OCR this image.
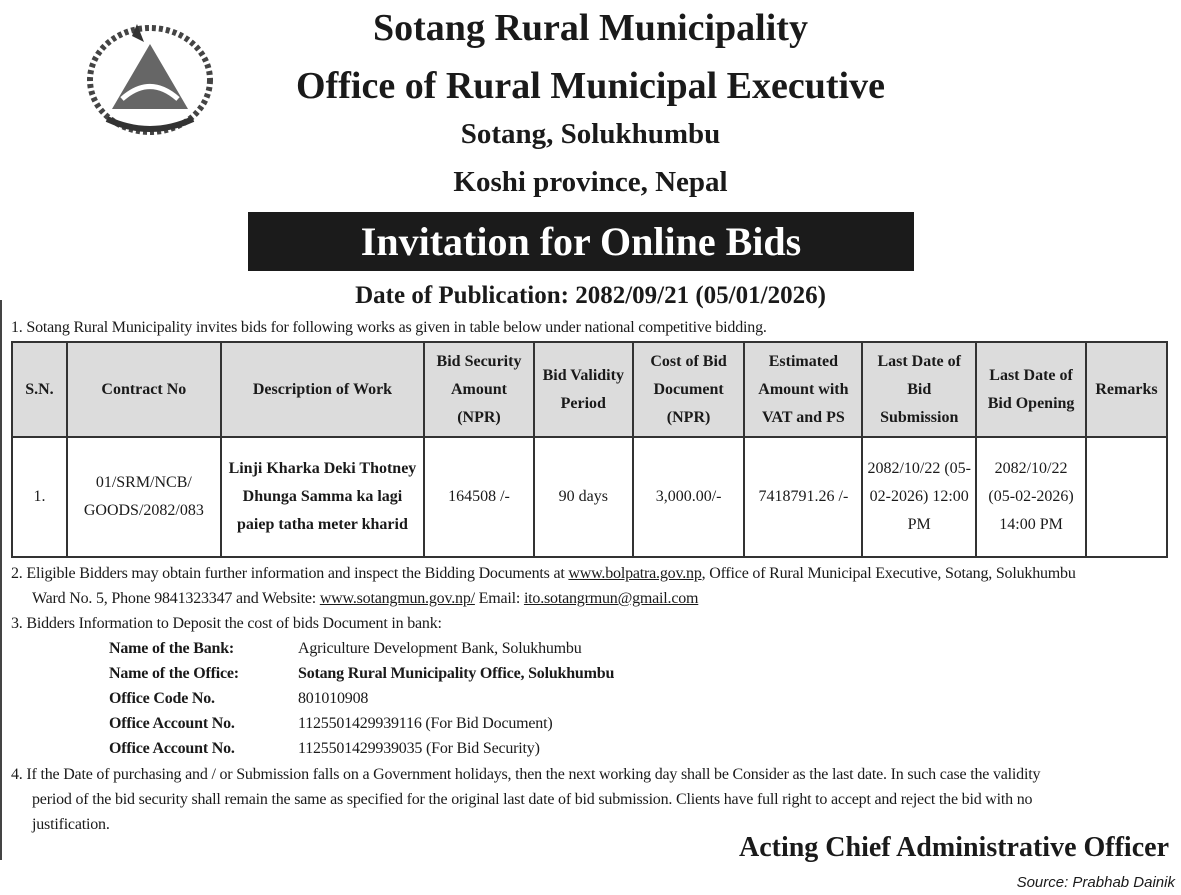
Sotang Rural Municipality
Office of Rural Municipal Executive
Sotang, Solukhumbu
Koshi province, Nepal
Invitation for Online Bids
Date of Publication: 2082/09/21 (05/01/2026)
1. Sotang Rural Municipality invites bids for following works as given in table below under national competitive bidding.
S.N.	Contract No	Description of Work	Bid Security Amount (NPR)	Bid Validity Period	Cost of Bid Document (NPR)	Estimated Amount with VAT and PS	Last Date of Bid Submission	Last Date of Bid Opening	Remarks
1.	01/SRM/NCB/ GOODS/2082/083	Linji Kharka Deki Thotney Dhunga Samma ka lagi paiep tatha meter kharid	164508 /-	90 days	3,000.00/-	7418791.26 /-	2082/10/22 (05-02-2026) 12:00 PM	2082/10/22 (05-02-2026) 14:00 PM	
2. Eligible Bidders may obtain further information and inspect the Bidding Documents at www.bolpatra.gov.np, Office of Rural Municipal Executive, Sotang, Solukhumbu
Ward No. 5, Phone 9841323347 and Website: www.sotangmun.gov.np/ Email: ito.sotangrmun@gmail.com
3. Bidders Information to Deposit the cost of bids Document in bank:
Name of the Bank:	Agriculture Development Bank, Solukhumbu
Name of the Office:	Sotang Rural Municipality Office, Solukhumbu
Office Code No.	801010908
Office Account No.	1125501429939116 (For Bid Document)
Office Account No.	1125501429939035 (For Bid Security)
4. If the Date of purchasing and / or Submission falls on a Government holidays, then the next working day shall be Consider as the last date. In such case the validity
period of the bid security shall remain the same as specified for the original last date of bid submission. Clients have full right to accept and reject the bid with no
justification.
Acting Chief Administrative Officer
Source: Prabhab Dainik
